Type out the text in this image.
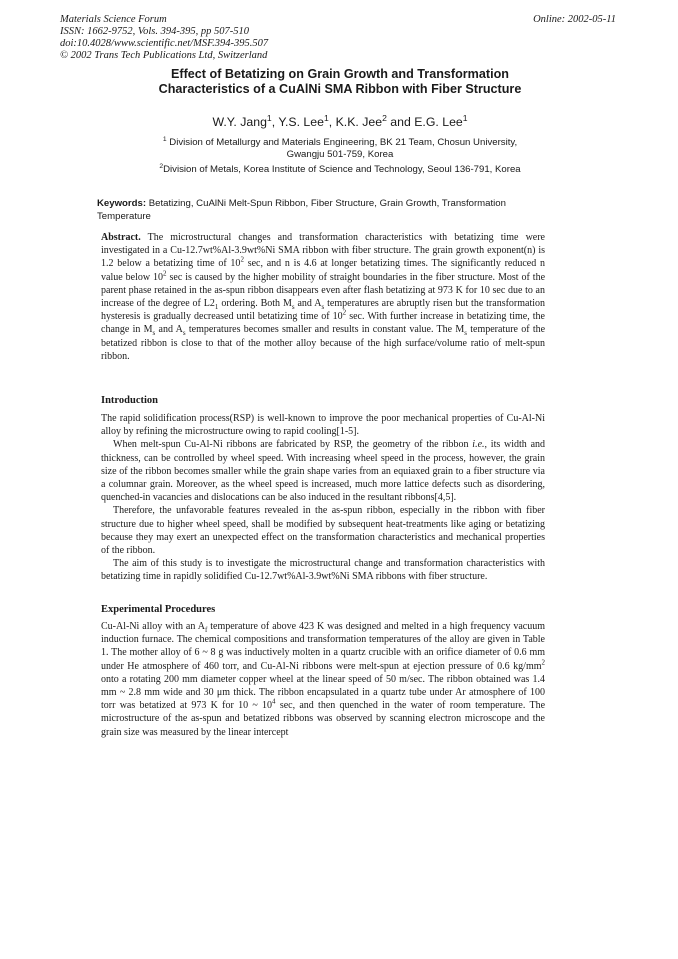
Materials Science Forum
ISSN: 1662-9752, Vols. 394-395, pp 507-510
doi:10.4028/www.scientific.net/MSF.394-395.507
© 2002 Trans Tech Publications Ltd, Switzerland
Online: 2002-05-11
Effect of Betatizing on Grain Growth and Transformation
Characteristics of a CuAlNi SMA Ribbon with Fiber Structure
W.Y. Jang$^1$, Y.S. Lee$^1$, K.K. Jee$^2$ and E.G. Lee$^1$
$^1$ Division of Metallurgy and Materials Engineering, BK 21 Team, Chosun University,
Gwangju 501-759, Korea
$^2$Division of Metals, Korea Institute of Science and Technology, Seoul 136-791, Korea
Keywords: Betatizing, CuAlNi Melt-Spun Ribbon, Fiber Structure, Grain Growth, Transformation Temperature
Abstract. The microstructural changes and transformation characteristics with betatizing time were investigated in a Cu-12.7wt%Al-3.9wt%Ni SMA ribbon with fiber structure. The grain growth exponent(n) is 1.2 below a betatizing time of $10^2$ sec, and n is 4.6 at longer betatizing times. The significantly reduced n value below $10^2$ sec is caused by the higher mobility of straight boundaries in the fiber structure. Most of the parent phase retained in the as-spun ribbon disappears even after flash betatizing at 973 K for 10 sec due to an increase of the degree of $L2_1$ ordering. Both $M_s$ and $A_s$ temperatures are abruptly risen but the transformation hysteresis is gradually decreased until betatizing time of $10^2$ sec. With further increase in betatizing time, the change in $M_s$ and $A_s$ temperatures becomes smaller and results in constant value. The $M_s$ temperature of the betatized ribbon is close to that of the mother alloy because of the high surface/volume ratio of melt-spun ribbon.
Introduction

The rapid solidification process(RSP) is well-known to improve the poor mechanical properties of Cu-Al-Ni alloy by refining the microstructure owing to rapid cooling[1-5].

When melt-spun Cu-Al-Ni ribbons are fabricated by RSP, the geometry of the ribbon i.e., its width and thickness, can be controlled by wheel speed. With increasing wheel speed in the process, however, the grain size of the ribbon becomes smaller while the grain shape varies from an equiaxed grain to a fiber structure via a columnar grain. Moreover, as the wheel speed is increased, much more lattice defects such as disordering, quenched-in vacancies and dislocations can be also induced in the resultant ribbons[4,5].

Therefore, the unfavorable features revealed in the as-spun ribbon, especially in the ribbon with fiber structure due to higher wheel speed, shall be modified by subsequent heat-treatments like aging or betatizing because they may exert an unexpected effect on the transformation characteristics and mechanical properties of the ribbon.

The aim of this study is to investigate the microstructural change and transformation characteristics with betatizing time in rapidly solidified Cu-12.7wt%Al-3.9wt%Ni SMA ribbons with fiber structure.

Experimental Procedures

Cu-Al-Ni alloy with an $A_f$ temperature of above 423 K was designed and melted in a high frequency vacuum induction furnace. The chemical compositions and transformation temperatures of the alloy are given in Table 1. The mother alloy of 6 ~ 8 g was inductively molten in a quartz crucible with an orifice diameter of 0.6 mm under He atmosphere of 460 torr, and Cu-Al-Ni ribbons were melt-spun at ejection pressure of 0.6 $kg/mm^2$ onto a rotating 200 mm diameter copper wheel at the linear speed of 50 m/sec. The ribbon obtained was 1.4 mm ~ 2.8 mm wide and 30 μm thick. The ribbon encapsulated in a quartz tube under Ar atmosphere of 100 torr was betatized at 973 K for 10 ~ $10^4$ sec, and then quenched in the water of room temperature. The microstructure of the as-spun and betatized ribbons was observed by scanning electron microscope and the grain size was measured by the linear intercept
